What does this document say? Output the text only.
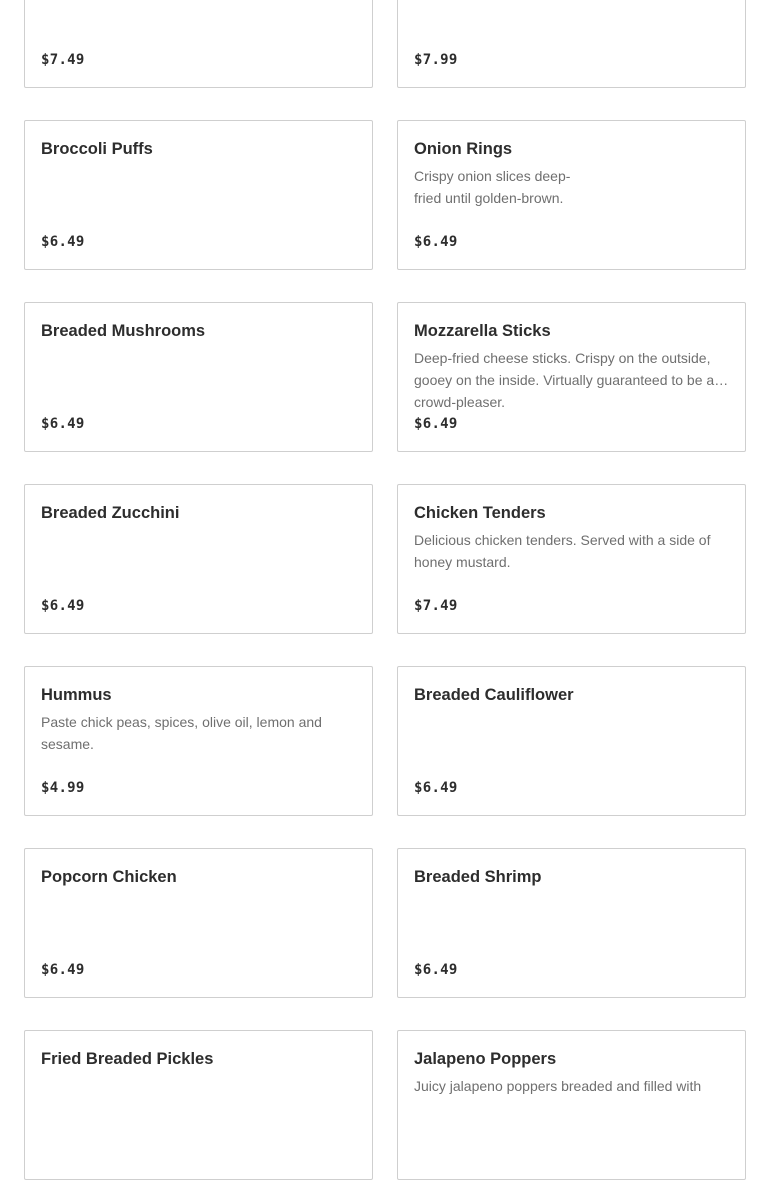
$7.49	$7.99
Broccoli Puffs
$6.49
Onion Rings
Crispy onion slices deep-fried until golden-brown.
$6.49
Breaded Mushrooms
$6.49
Mozzarella Sticks
Deep-fried cheese sticks. Crispy on the outside, gooey on the inside. Virtually guaranteed to be a crowd-pleaser.
$6.49
Breaded Zucchini
$6.49
Chicken Tenders
Delicious chicken tenders. Served with a side of honey mustard.
$7.49
Hummus
Paste chick peas, spices, olive oil, lemon and sesame.
$4.99
Breaded Cauliflower
$6.49
Popcorn Chicken
$6.49
Breaded Shrimp
$6.49
Fried Breaded Pickles	Jalapeno Poppers
Juicy jalapeno poppers breaded and filled with
